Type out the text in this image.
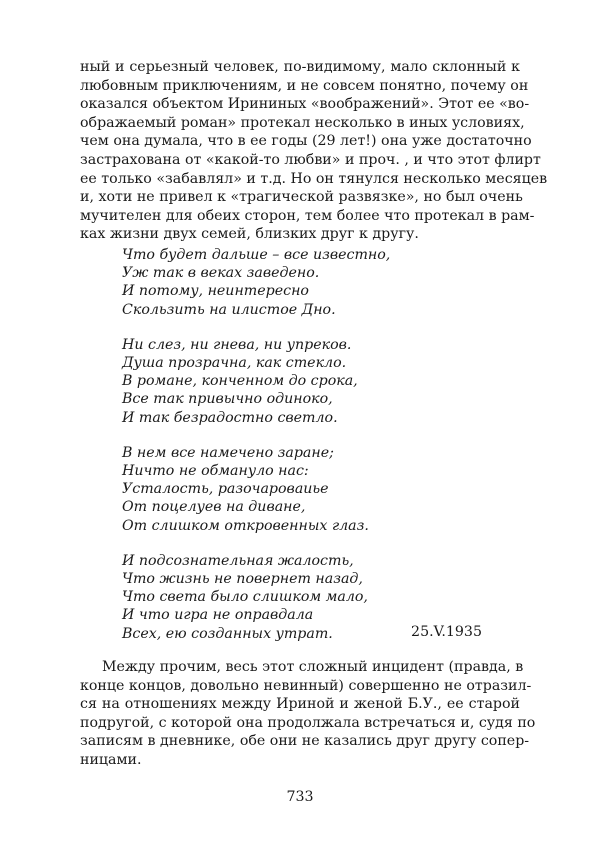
ный и серьезный человек, по-видимому, мало склонный к
любовным приключениям, и не совсем понятно, почему он
оказался объектом Ирининых «воображений». Этот ее «во-
ображаемый роман» протекал несколько в иных условиях,
чем она думала, что в ее годы (29 лет!) она уже достаточно
застрахована от «какой-то любви» и проч. , и что этот флирт
ее только «забавлял» и т.д. Но он тянулся несколько месяцев
и, хоти не привел к «трагической развязке», но был очень
мучителен для обеих сторон, тем более что протекал в рам-
ках жизни двух семей, близких друг к другу.
Что будет дальше – все известно,
Уж так в веках заведено.
И потому, неинтересно
Скользить на илистое Дно.
Ни слез, ни гнева, ни упреков.
Душа прозрачна, как стекло.
В романе, конченном до срока,
Все так привычно одиноко,
И так безрадостно светло.
В нем все намечено заране;
Ничто не обмануло нас:
Усталость, разочароваиье
От поцелуев на диване,
От слишком откровенных глаз.
И подсознательная жалость,
Что жизнь не повернет назад,
Что света было слишком мало,
И что игра не оправдала
Всех, ею созданных утрат.	25.V.1935
Между прочим, весь этот сложный инцидент (правда, в
конце концов, довольно невинный) совершенно не отразил-
ся на отношениях между Ириной и женой Б.У., ее старой
подругой, с которой она продолжала встречаться и, судя по
записям в дневнике, обе они не казались друг другу сопер-
ницами.
733
